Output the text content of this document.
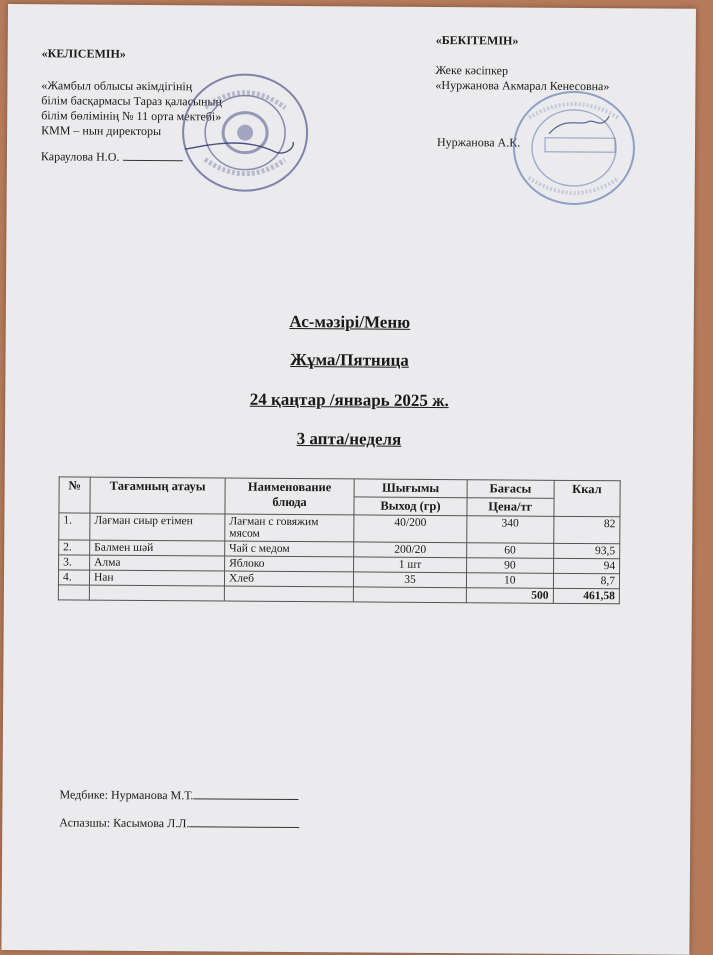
«КЕЛІСЕМІН»
«Жамбыл облысы әкімдігінің
білім басқармасы Тараз қаласының
білім бөлімінің № 11 орта мектебі»
КММ – нын директоры
Караулова Н.О.
«БЕКІТЕМІН»
Жеке кәсіпкер
«Нуржанова Акмарал Кенесовна»
Нуржанова А.К.
Ас-мәзірі/Меню
Жұма/Пятница
24 қаңтар /январь 2025 ж.
3 апта/неделя
№	Тағамның атауы	Наименование блюда	Шығымы	Бағасы	Ккал
			Выход (гр)	Цена/тг	
1.	Лағман сиыр етімен	Лағман с говяжим мясом	40/200	340	82
2.	Балмен шәй	Чай с медом	200/20	60	93,5
3.	Алма	Яблоко	1 шт	90	94
4.	Нан	Хлеб	35	10	8,7
				500	461,58
Медбике: Нурманова М.Т.
Аспазшы: Касымова Л.Л.
